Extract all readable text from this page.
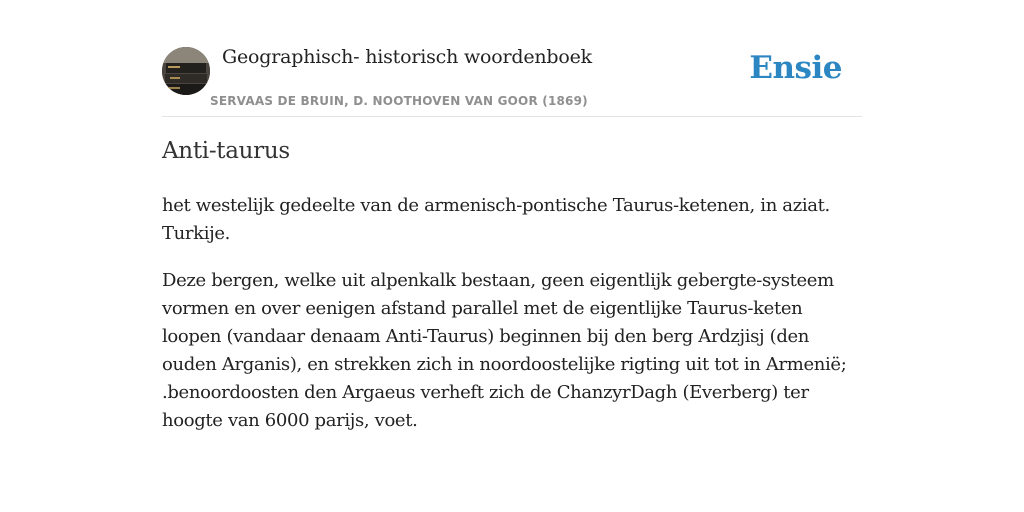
Geographisch- historisch woordenboek
SERVAAS DE BRUIN, D. NOOTHOVEN VAN GOOR (1869)
Ensie
Anti-taurus

het westelijk gedeelte van de armenisch-pontische Taurus-ketenen, in aziat. Turkije.

Deze bergen, welke uit alpenkalk bestaan, geen eigentlijk gebergte-systeem vormen en over eenigen afstand parallel met de eigentlijke Taurus-keten loopen (vandaar denaam Anti-Taurus) beginnen bij den berg Ardzjisj (den ouden Arganis), en strekken zich in noordoostelijke rigting uit tot in Armenië; .benoordoosten den Argaeus verheft zich de ChanzyrDagh (Everberg) ter hoogte van 6000 parijs, voet.
